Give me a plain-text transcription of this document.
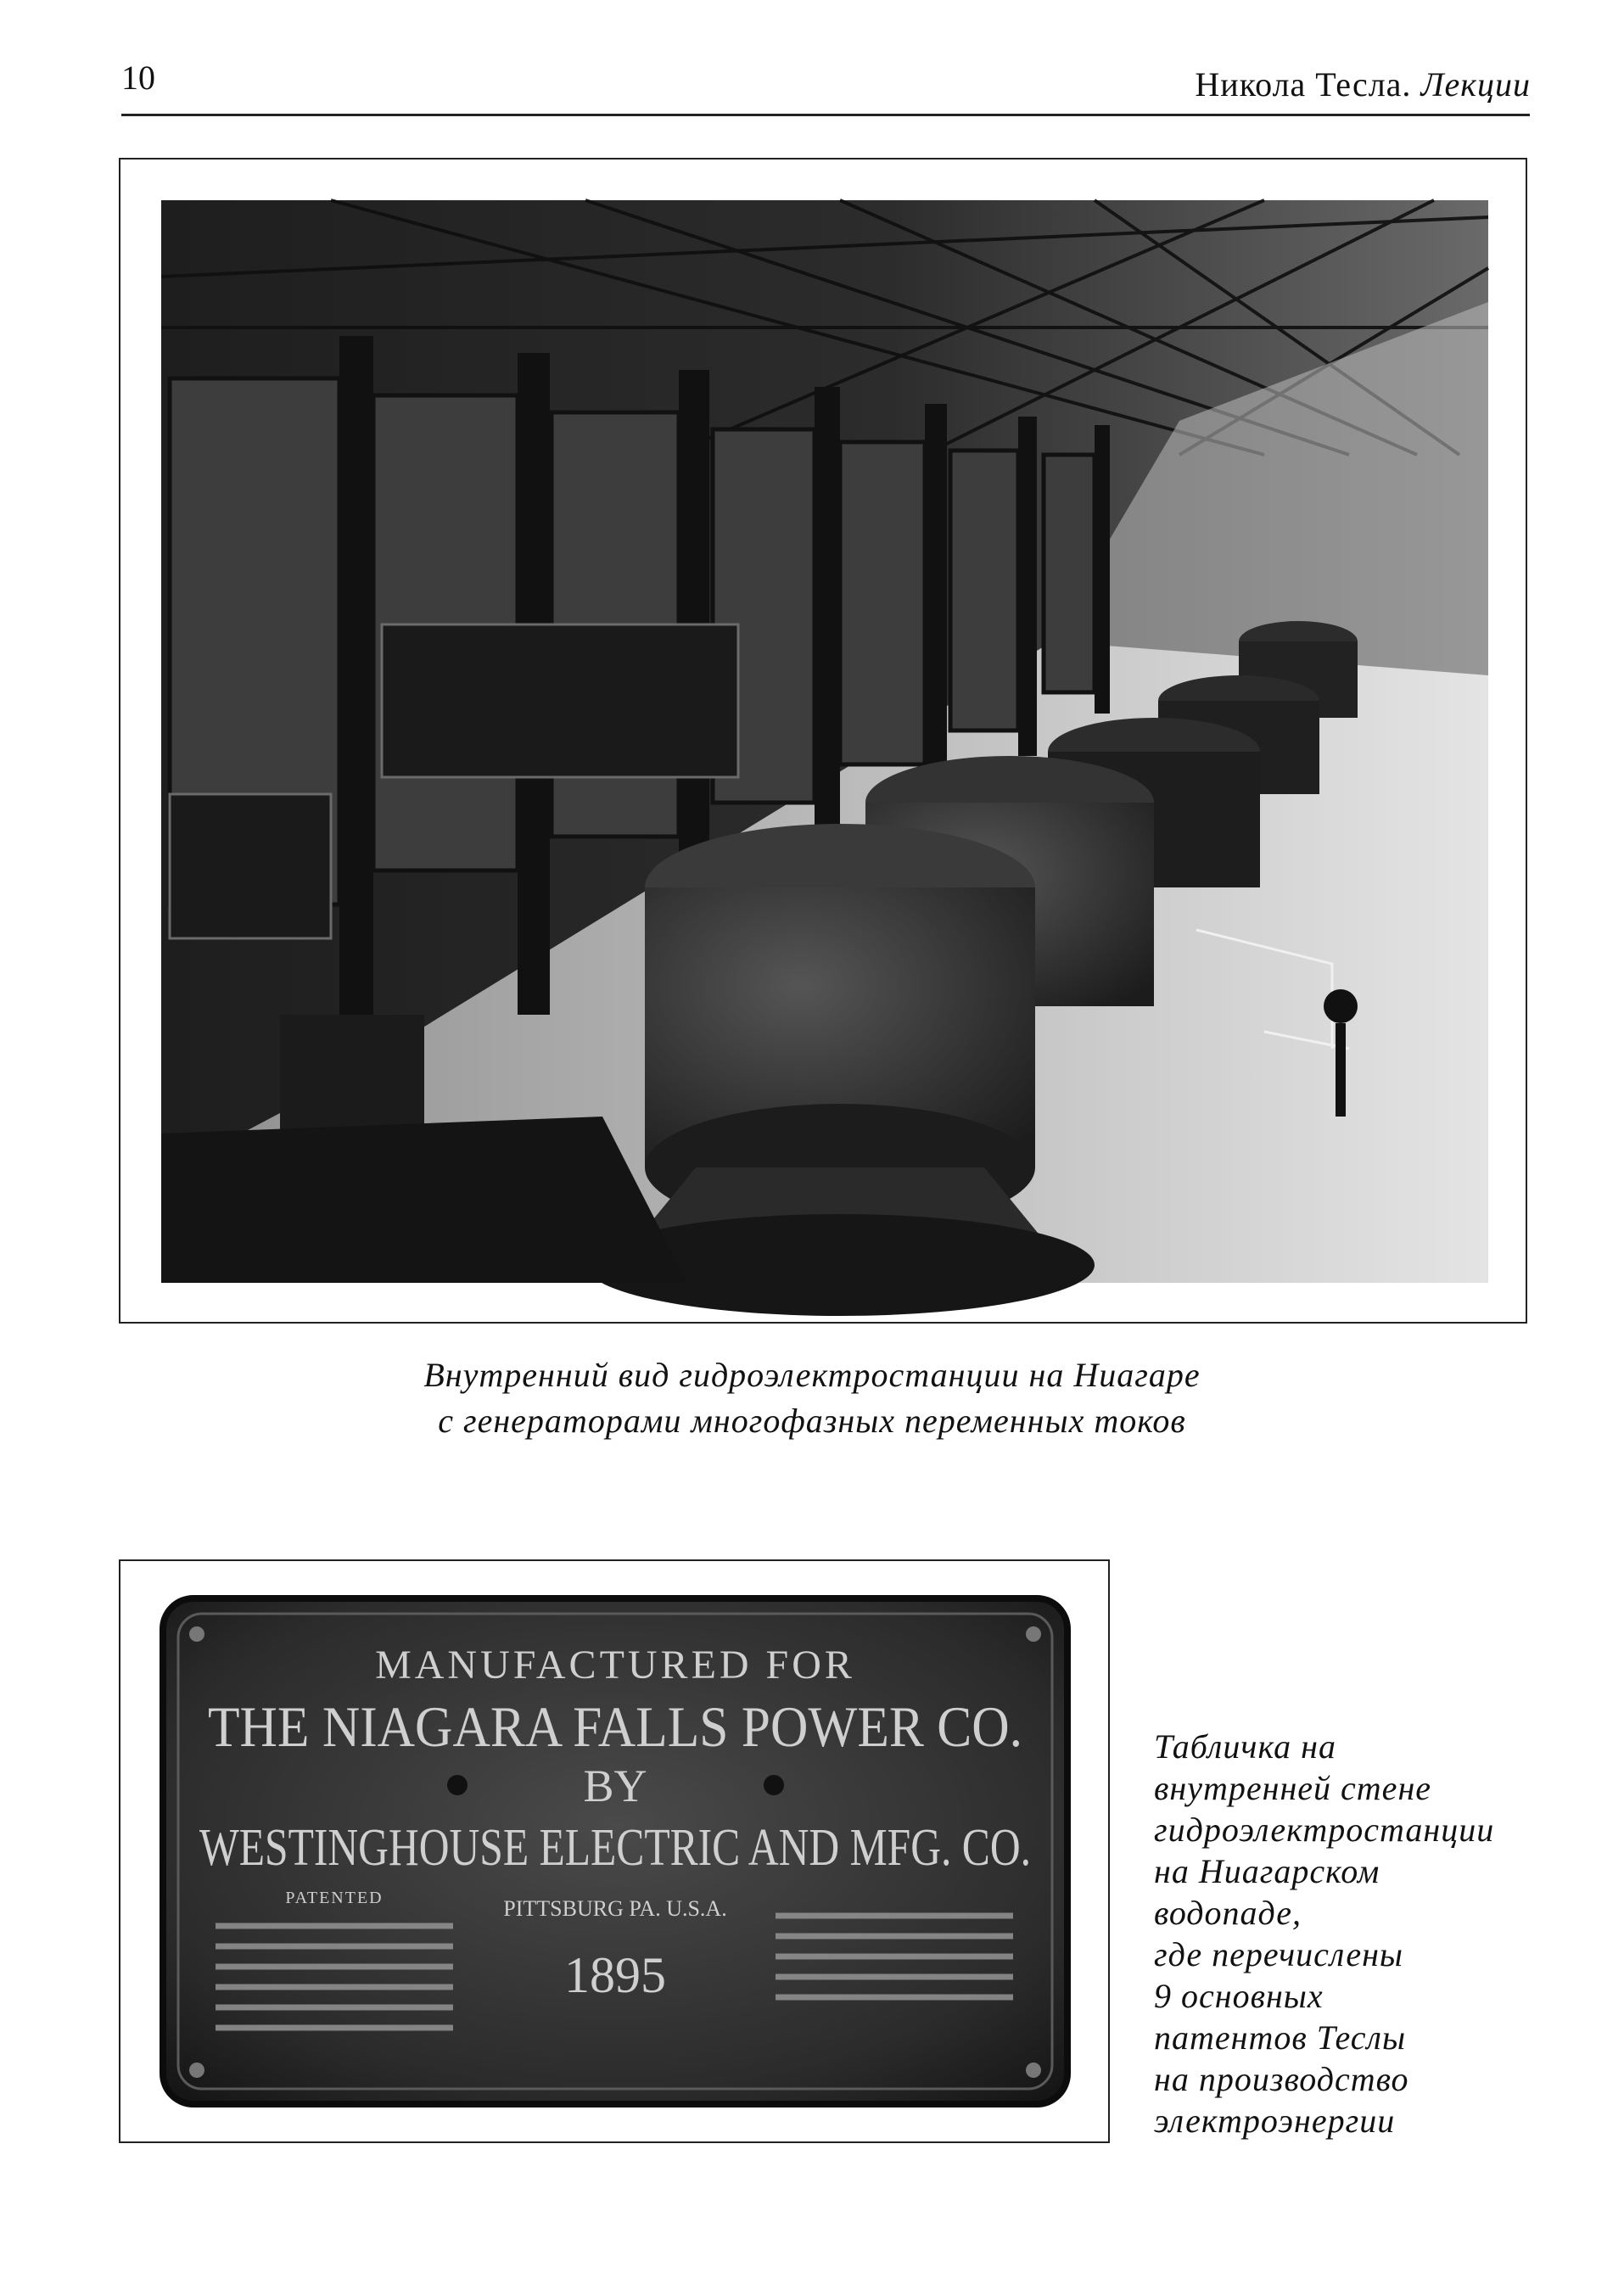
10	Никола Тесла. Лекции
Внутренний вид гидроэлектростанции на Ниагаре
с генераторами многофазных переменных токов
MANUFACTURED FOR
THE NIAGARA FALLS POWER CO.
BY
WESTINGHOUSE ELECTRIC AND MFG. CO.
PATENTED	PITTSBURG PA. U.S.A.
1895
Табличка на
внутренней стене
гидроэлектростанции
на Ниагарском
водопаде,
где перечислены
9 основных
патентов Теслы
на производство
электроэнергии
